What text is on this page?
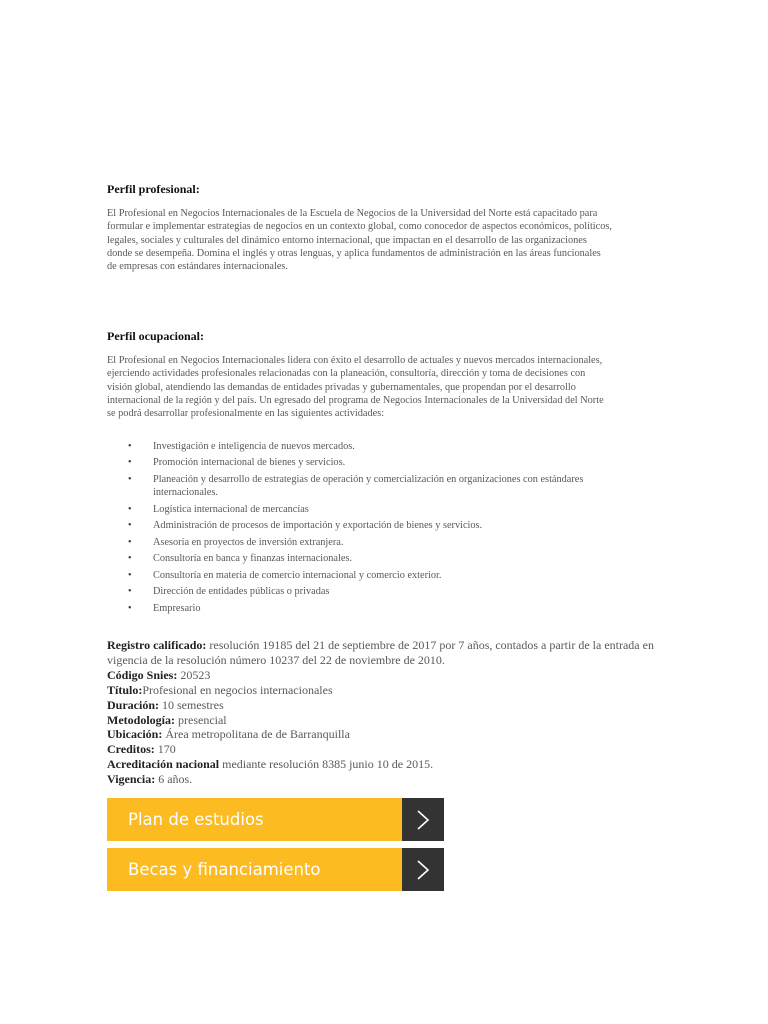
Perfil profesional:
El Profesional en Negocios Internacionales de la Escuela de Negocios de la Universidad del Norte está capacitado para
formular e implementar estrategias de negocios en un contexto global, como conocedor de aspectos económicos, políticos,
legales, sociales y culturales del dinámico entorno internacional, que impactan en el desarrollo de las organizaciones
donde se desempeña. Domina el inglés y otras lenguas, y aplica fundamentos de administración en las áreas funcionales
de empresas con estándares internacionales.
Perfil ocupacional:
El Profesional en Negocios Internacionales lidera con éxito el desarrollo de actuales y nuevos mercados internacionales,
ejerciendo actividades profesionales relacionadas con la planeación, consultoría, dirección y toma de decisiones con
visión global, atendiendo las demandas de entidades privadas y gubernamentales, que propendan por el desarrollo
internacional de la región y del país. Un egresado del programa de Negocios Internacionales de la Universidad del Norte
se podrá desarrollar profesionalmente en las siguientes actividades:
• Investigación e inteligencia de nuevos mercados.
• Promoción internacional de bienes y servicios.
• Planeación y desarrollo de estrategias de operación y comercialización en organizaciones con estándares internacionales.
• Logística internacional de mercancías
• Administración de procesos de importación y exportación de bienes y servicios.
• Asesoría en proyectos de inversión extranjera.
• Consultoría en banca y finanzas internacionales.
• Consultoría en materia de comercio internacional y comercio exterior.
• Dirección de entidades públicas o privadas
• Empresario

Registro calificado: resolución 19185 del 21 de septiembre de 2017 por 7 años, contados a partir de la entrada en vigencia de la resolución número 10237 del 22 de noviembre de 2010.

Código Snies: 20523

Título:Profesional en negocios internacionales

Duración: 10 semestres

Metodología: presencial

Ubicación: Área metropolitana de de Barranquilla

Creditos: 170

Acreditación nacional mediante resolución 8385 junio 10 de 2015.

Vigencia: 6 años.

Plan de estudios
Becas y financiamiento
